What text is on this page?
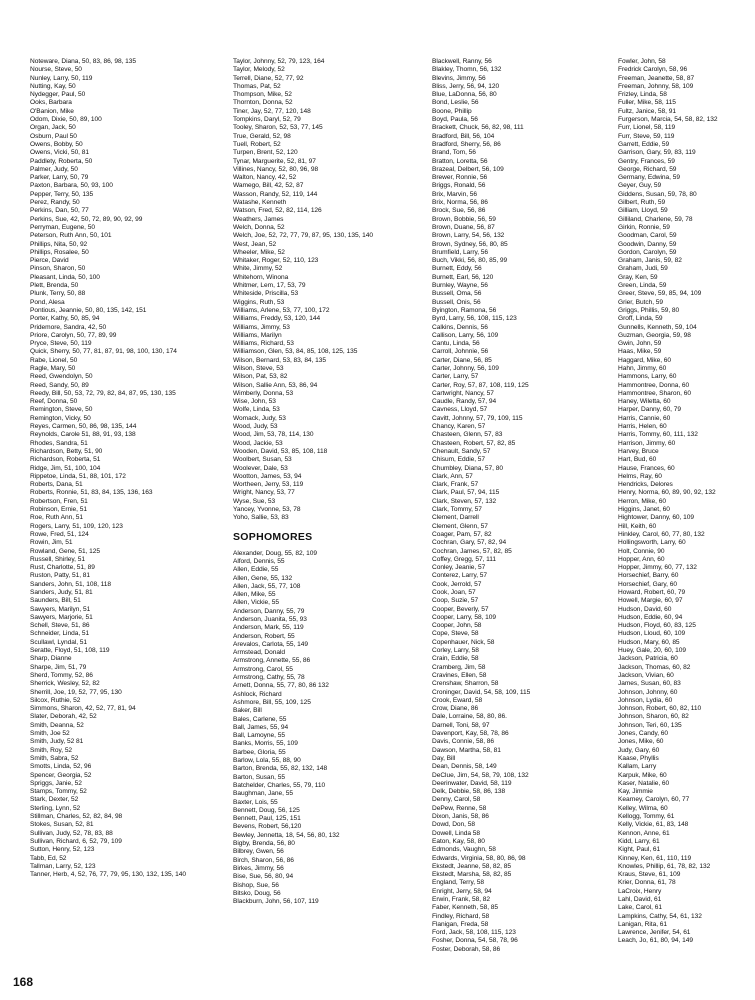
Noteware, Diana, 50, 83, 86, 98, 135
Nourse, Steve, 50
Nunley, Larry, 50, 119
Nutting, Kay, 50
Nydegger, Paul, 50
Ooks, Barbara
O'Banion, Mike
Odom, Dixie, 50, 89, 100
Organ, Jack, 50
Osburn, Paul 50
Owens, Bobby, 50
Owens, Vicki, 50, 81
Paddlety, Roberta, 50
Palmer, Judy, 50
Parker, Larry, 50, 79
Paxton, Barbara, 50, 93, 100
Pepper, Terry, 50, 135
Perez, Randy, 50
Perkins, Dan, 50, 77
Perkins, Sue, 42, 50, 72, 89, 90, 92, 99
Perryman, Eugene, 50
Peterson, Ruth Ann, 50, 101
Phillips, Nita, 50, 92
Phillips, Rosalee, 50
Pierce, David
Pinson, Sharon, 50
Pleasant, Linda, 50, 100
Plett, Brenda, 50
Plunk, Terry, 50, 88
Pond, Alesa
Pontious, Jeannie, 50, 80, 135, 142, 151
Porter, Kathy, 50, 85, 94
Pridemore, Sandra, 42, 50
Priore, Carolyn, 50, 77, 89, 99
Pryce, Steve, 50, 119
Quick, Sherry, 50, 77, 81, 87, 91, 98, 100, 130, 174
Rabe, Lionel, 50
Ragle, Mary, 50
Reed, Gwendolyn, 50
Reed, Sandy, 50, 89
Reedy, Bill, 50, 53, 72, 79, 82, 84, 87, 95, 130, 135
Reef, Donna, 50
Remington, Steve, 50
Remington, Vicky, 50
Reyes, Carmen, 50, 86, 98, 135, 144
Reynolds, Carole 51, 88, 91, 93, 138
Rhodes, Sandra, 51
Richardson, Betty, 51, 90
Richardson, Roberta, 51
Ridge, Jim, 51, 100, 104
Rippetoe, Linda, 51, 88, 101, 172
Roberts, Dana, 51
Roberts, Ronnie, 51, 83, 84, 135, 136, 163
Robertson, Fren, 51
Robinson, Ernie, 51
Roe, Ruth Ann, 51
Rogers, Larry, 51, 109, 120, 123
Rowe, Fred, 51, 124
Rowin, Jim, 51
Rowland, Gene, 51, 125
Russell, Shirley, 51
Rust, Charlotte, 51, 89
Ruston, Patty, 51, 81
Sanders, John, 51, 108, 118
Sanders, Judy, 51, 81
Saunders, Bill, 51
Sawyers, Marilyn, 51
Sawyers, Marjorie, 51
Schell, Steve, 51, 86
Schneider, Linda, 51
Scullawl, Lyndal, 51
Seratte, Floyd, 51, 108, 119
Sharp, Dianne
Sharpe, Jim, 51, 79
Sherd, Tommy, 52, 86
Sherrick, Wesley, 52, 82
Sherrill, Joe, 19, 52, 77, 95, 130
Silcox, Ruthie, 52
Simmons, Sharon, 42, 52, 77, 81, 94
Slater, Deborah, 42, 52
Smith, Deanna, 52
Smith, Joe 52
Smith, Judy, 52 81
Smith, Roy, 52
Smith, Sabra, 52
Smotts, Linda, 52, 96
Spencer, Georgia, 52
Spriggs, Janie, 52
Stamps, Tommy, 52
Stark, Dexter, 52
Sterling, Lynn, 52
Stillman, Charles, 52, 82, 84, 98
Stokes, Susan, 52, 81
Sullivan, Judy, 52, 78, 83, 88
Sullivan, Richard, 6, 52, 79, 109
Sutton, Henry, 52, 123
Tabb, Ed, 52
Tallman, Larry, 52, 123
Tanner, Herb, 4, 52, 76, 77, 79, 95, 130, 132, 135, 140
Taylor, Johnny, 52, 79, 123, 164
Taylor, Melody, 52
Terrell, Diane, 52, 77, 92
Thomas, Pat, 52
Thompson, Mike, 52
Thornton, Donna, 52
Tiner, Jay, 52, 77, 120, 148
Tompkins, Daryl, 52, 79
Tooley, Sharon, 52, 53, 77, 145
True, Gerald, 52, 98
Tuell, Robert, 52
Turpen, Brent, 52, 120
Tynar, Marguerite, 52, 81, 97
Villines, Nancy, 52, 80, 96, 98
Walton, Nancy, 42, 52
Wamego, Bill, 42, 52, 87
Wasson, Randy, 52, 119, 144
Watashe, Kenneth
Watson, Fred, 52, 82, 114, 126
Weathers, James
Welch, Donna, 52
Welch, Joe, 52, 72, 77, 79, 87, 95, 130, 135, 140
West, Jean, 52
Wheeler, Mike, 52
Whitaker, Roger, 52, 110, 123
White, Jimmy, 52
Whitehorn, Winona
Whitmer, Lem, 17, 53, 79
Whiteside, Priscilla, 53
Wiggins, Ruth, 53
Williams, Arlene, 53, 77, 100, 172
Williams, Freddy, 53, 120, 144
Williams, Jimmy, 53
Williams, Marilyn
Williams, Richard, 53
Williamson, Glen, 53, 84, 85, 108, 125, 135
Wilson, Bernard, 53, 83, 84, 135
Wilson, Steve, 53
Wilson, Pat, 53, 82
Wilson, Sallie Ann, 53, 86, 94
Wimberly, Donna, 53
Wise, John, 53
Wolfe, Linda, 53
Womack, Judy, 53
Wood, Judy, 53
Wood, Jim, 53, 78, 114, 130
Wood, Jackie, 53
Wooden, David, 53, 85, 108, 118
Woolbert, Susan, 53
Woolever, Dale, 53
Wootton, James, 53, 94
Wortheen, Jerry, 53, 119
Wright, Nancy, 53, 77
Wyse, Sue, 53
Yancey, Yvonne, 53, 78
Yoho, Sallie, 53, 83
SOPHOMORES
Alexander, Doug, 55, 82, 109
Alford, Dennis, 55
Allen, Eddie, 55
Allen, Gene, 55, 132
Allen, Jack, 55, 77, 108
Allen, Mike, 55
Allen, Vickie, 55
Anderson, Danny, 55, 79
Anderson, Juanita, 55, 93
Anderson, Mark, 55, 119
Anderson, Robert, 55
Arevalos, Carlota, 55, 149
Armstead, Donald
Armstrong, Annette, 55, 86
Armstrong, Carol, 55
Armstrong, Cathy, 55, 78
Arnett, Donna, 55, 77, 80, 86 132
Ashlock, Richard
Ashmore, Bill, 55, 109, 125
Baker, Bill
Bales, Carlene, 55
Ball, James, 55, 94
Ball, Lamoyne, 55
Banks, Morris, 55, 109
Barbee, Gloria, 55
Barlow, Lola, 55, 88, 90
Barton, Brenda, 55, 82, 132, 148
Barton, Susan, 55
Batchelder, Charles, 55, 79, 110
Baughman, Jane, 55
Baxter, Lois, 55
Bennett, Doug, 56, 125
Bennett, Paul, 125, 151
Bevens, Robert, 56,120
Bewley, Jennetta, 18, 54, 56, 80, 132
Bigby, Brenda, 56, 80
Bilbrey, Gwen, 56
Birch, Sharon, 56, 86
Birkes, Jimmy, 56
Bise, Sue, 56, 80, 94
Bishop, Sue, 56
Bitsko, Doug, 56
Blackburn, John, 56, 107, 119
Blackwell, Ranny, 56
Blakley, Thomn, 56, 132
Blevins, Jimmy, 56
Bliss, Jerry, 56, 94, 120
Blue, LaDonna, 56, 80
Bond, Leslie, 56
Boone, Phillip
Boyd, Paula, 56
Brackett, Chuck, 56, 82, 98, 111
Bradford, Bill, 56, 104
Bradford, Sherry, 56, 86
Brand, Tom, 56
Bratton, Loretta, 56
Brazeal, Delbert, 56, 109
Brewer, Ronnie, 56
Briggs, Ronald, 56
Brix, Marvin, 56
Brix, Norma, 56, 86
Brock, Sue, 56, 86
Brown, Bobbie, 56, 59
Brown, Duane, 56, 87
Brown, Larry, 54, 56, 132
Brown, Sydney, 56, 80, 85
Brumfield, Larry, 56
Buch, Vikki, 56, 80, 85, 99
Burnett, Eddy, 56
Burnett, Earl, 56, 120
Burnley, Wayne, 56
Bussell, Oma, 56
Bussell, Onis, 56
Byington, Ramona, 56
Byrd, Larry, 56, 108, 115, 123
Calkins, Dennis, 56
Callison, Larry, 56, 109
Cantu, Linda, 56
Carroll, Johnnie, 56
Carter, Diane, 56, 85
Carter, Johnny, 56, 109
Carter, Larry, 57
Carter, Roy, 57, 87, 108, 119, 125
Cartwright, Nancy, 57
Caudle, Randy, 57, 94
Cavness, Lloyd, 57
Cavitt, Johnny, 57, 79, 109, 115
Chancy, Karen, 57
Chasteen, Glenn, 57, 83
Chasteen, Robert, 57, 82, 85
Chenault, Sandy, 57
Chisum, Eddie, 57
Chumbley, Diana, 57, 80
Clark, Ann, 57
Clark, Frank, 57
Clark, Paul, 57, 94, 115
Clark, Steven, 57, 132
Clark, Tommy, 57
Clement, Darrell
Clement, Glenn, 57
Coager, Pam, 57, 82
Cochran, Gary, 57, 82, 94
Cochran, James, 57, 82, 85
Coffey, Gregg, 57, 111
Conley, Jeanie, 57
Conterez, Larry, 57
Cook, Jerrold, 57
Cook, Joan, 57
Coop, Suzie, 57
Cooper, Beverly, 57
Cooper, Larry, 58, 109
Cooper, John, 58
Cope, Steve, 58
Copenhauer, Nick, 58
Corley, Larry, 58
Crain, Eddie, 58
Cramberg, Jim, 58
Cravines, Ellen, 58
Crenshaw, Sharron, 58
Croninger, David, 54, 58, 109, 115
Crook, Eward, 58
Crow, Diane, 86
Dale, Lorraine, 58, 80, 86.
Darnell, Toni, 58, 97
Davenport, Kay, 58, 78, 86
Davis, Connie, 58, 86
Dawson, Martha, 58, 81
Day, Bill
Dean, Dennis, 58, 149
DeClue, Jim, 54, 58, 79, 108, 132
Deerinwater, David, 58, 119
Delk, Debbie, 58, 86, 138
Denny, Carol, 58
DePew, Renne, 58
Dixon, Janis, 58, 86
Dowd, Don, 58
Dowell, Linda 58
Eaton, Kay, 58, 80
Edmonds, Vaughn, 58
Edwards, Virginia, 58, 80, 86, 98
Ekstedt, Jeanne, 58, 82, 85
Ekstedt, Marsha, 58, 82, 85
England, Terry, 58
Enright, Jerry, 58, 94
Erwin, Frank, 58, 82
Faber, Kenneth, 58, 85
Findley, Richard, 58
Flanigan, Freda, 58
Ford, Jack, 58, 108, 115, 123
Fosher, Donna, 54, 58, 78, 96
Foster, Deborah, 58, 86
Fowler, John, 58
Fredrick Carolyn, 58, 96
Freeman, Jeanette, 58, 87
Freeman, Johnny, 58, 109
Frizley, Linda, 58
Fuller, Mike, 58, 115
Fultz, Janice, 58, 91
Furgerson, Marcia, 54, 58, 82, 132
Furr, Lionel, 58, 119
Furr, Steve, 59, 119
Garrett, Eddie, 59
Garrison, Gary, 59, 83, 119
Gentry, Frances, 59
George, Richard, 59
Germany, Edwina, 59
Geyer, Guy, 59
Giddens, Susan, 59, 78, 80
Gilbert, Ruth, 59
Gilliam, Lloyd, 59
Gilliland, Charlene, 59, 78
Girkin, Ronnie, 59
Goodman, Carol, 59
Goodwin, Danny, 59
Gordon, Carolyn, 59
Graham, Janis, 59, 82
Graham, Judi, 59
Gray, Ken, 59
Green, Linda, 59
Greer, Steve, 59, 85, 94, 109
Grier, Butch, 59
Griggs, Phillis, 59, 80
Groff, Linda, 59
Gunnells, Kenneth, 59, 104
Guzman, Georgia, 59, 98
Gwin, John, 59
Haas, Mike, 59
Haggard, Mike, 60
Hahn, Jimmy, 60
Hammons, Larry, 60
Hammontree, Donna, 60
Hammontree, Sharon, 60
Haney, Wiletta, 60
Harper, Danny, 60, 79
Harris, Cannie, 60
Harris, Helen, 60
Harris, Tommy, 60, 111, 132
Harrison, Jimmy, 60
Harvey, Bruce
Hart, Bud, 60
Hause, Frances, 60
Helms, Ray, 60
Hendricks, Delores
Henry, Norma, 60, 89, 90, 92, 132
Herron, Mike, 60
Higgins, Janet, 60
Hightower, Danny, 60, 109
Hill, Keith, 60
Hinkley, Carol, 60, 77, 80, 132
Hollingsworth, Larry, 60
Holt, Connie, 90
Hopper, Ann, 60
Hopper, Jimmy, 60, 77, 132
Horsechief, Barry, 60
Horsechief, Gary, 60
Howard, Robert, 60, 79
Howell, Margie, 60, 97
Hudson, David, 60
Hudson, Eddie, 60, 94
Hudson, Floyd, 60, 83, 125
Hudson, Lloud, 60, 109
Hudson, Mary, 60, 85
Huey, Gale, 20, 60, 109
Jackson, Patricia, 60
Jackson, Thomas, 60, 82
Jackson, Vivian, 60
James, Susan, 60, 83
Johnson, Johnny, 60
Johnson, Lydia, 60
Johnson, Robert, 60, 82, 110
Johnson, Sharon, 60, 82
Johnson, Teri, 60, 135
Jones, Candy, 60
Jones, Mike, 60
Judy, Gary, 60
Kaase, Phyllis
Kallam, Larry
Karpuk, Mike, 60
Kaser, Natalie, 60
Kay, Jimmie
Kearney, Carolyn, 60, 77
Kelley, Wilma, 60
Kellogg, Tommy, 61
Kelly, Vickie, 61, 83, 148
Kennon, Anne, 61
Kidd, Larry, 61
Kight, Paul, 61
Kinney, Ken, 61, 110, 119
Knowles, Phillip, 61, 78, 82, 132
Kraus, Steve, 61, 109
Krier, Donna, 61, 78
LaCroix, Henry
Lahl, David, 61
Lake, Carol, 61
Lampkins, Cathy, 54, 61, 132
Lanigan, Rita, 61
Lawrence, Jenifer, 54, 61
Leach, Jo, 61, 80, 94, 149
168
